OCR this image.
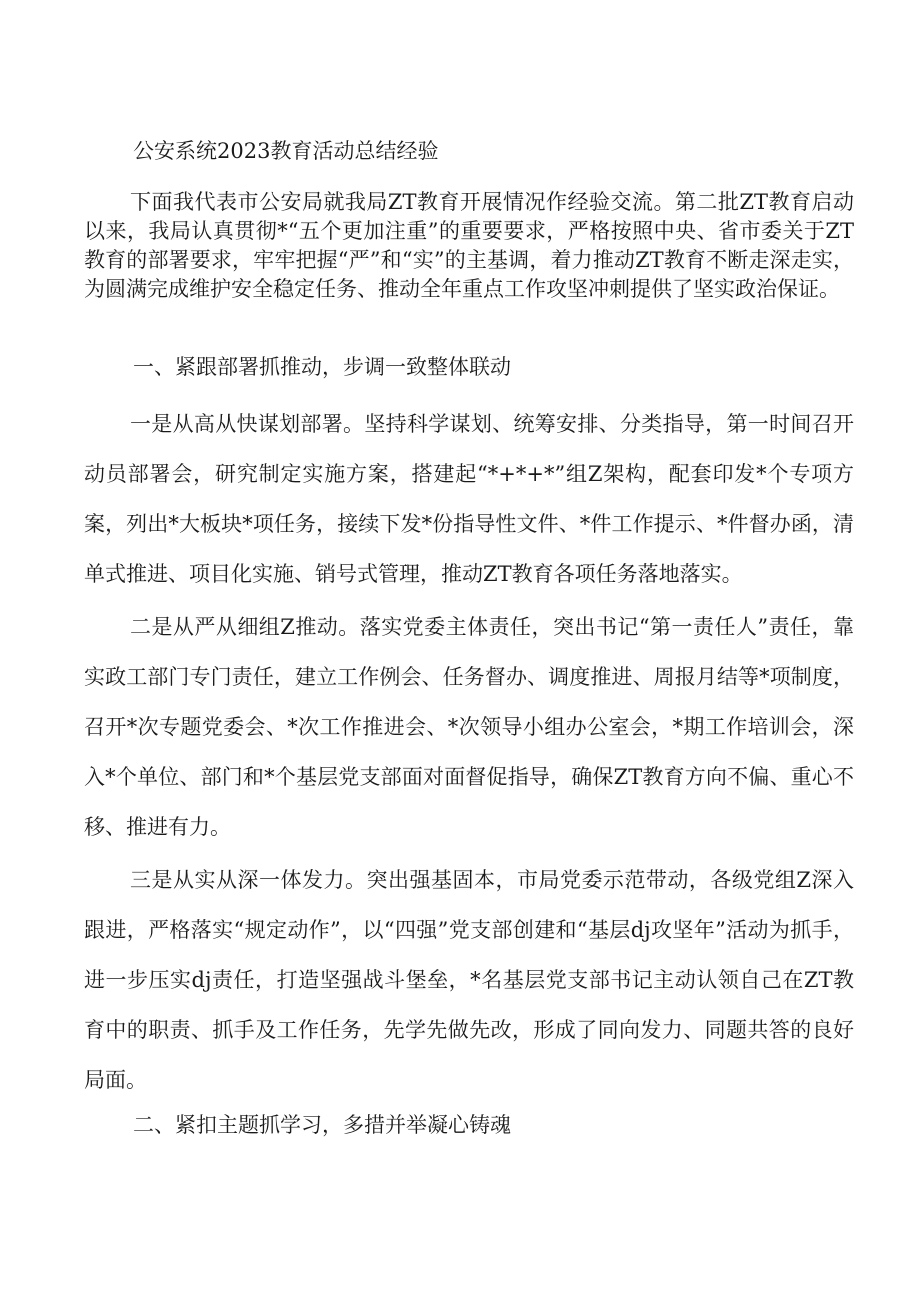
公安系统2023教育活动总结经验

下面我代表市公安局就我局ZT教育开展情况作经验交流。第二批ZT教育启动以来，我局认真贯彻*“五个更加注重”的重要要求，严格按照中央、省市委关于ZT教育的部署要求，牢牢把握“严”和“实”的主基调，着力推动ZT教育不断走深走实，为圆满完成维护安全稳定任务、推动全年重点工作攻坚冲刺提供了坚实政治保证。

一、紧跟部署抓推动，步调一致整体联动

一是从高从快谋划部署。坚持科学谋划、统筹安排、分类指导，第一时间召开动员部署会，研究制定实施方案，搭建起“*+*+*”组Z架构，配套印发*个专项方案，列出*大板块*项任务，接续下发*份指导性文件、*件工作提示、*件督办函，清单式推进、项目化实施、销号式管理，推动ZT教育各项任务落地落实。

二是从严从细组Z推动。落实党委主体责任，突出书记“第一责任人”责任，靠实政工部门专门责任，建立工作例会、任务督办、调度推进、周报月结等*项制度，召开*次专题党委会、*次工作推进会、*次领导小组办公室会，*期工作培训会，深入*个单位、部门和*个基层党支部面对面督促指导，确保ZT教育方向不偏、重心不移、推进有力。

三是从实从深一体发力。突出强基固本，市局党委示范带动，各级党组Z深入跟进，严格落实“规定动作”，以“四强”党支部创建和“基层dj攻坚年”活动为抓手，进一步压实dj责任，打造坚强战斗堡垒，*名基层党支部书记主动认领自己在ZT教育中的职责、抓手及工作任务，先学先做先改，形成了同向发力、同题共答的良好局面。

二、紧扣主题抓学习，多措并举凝心铸魂
